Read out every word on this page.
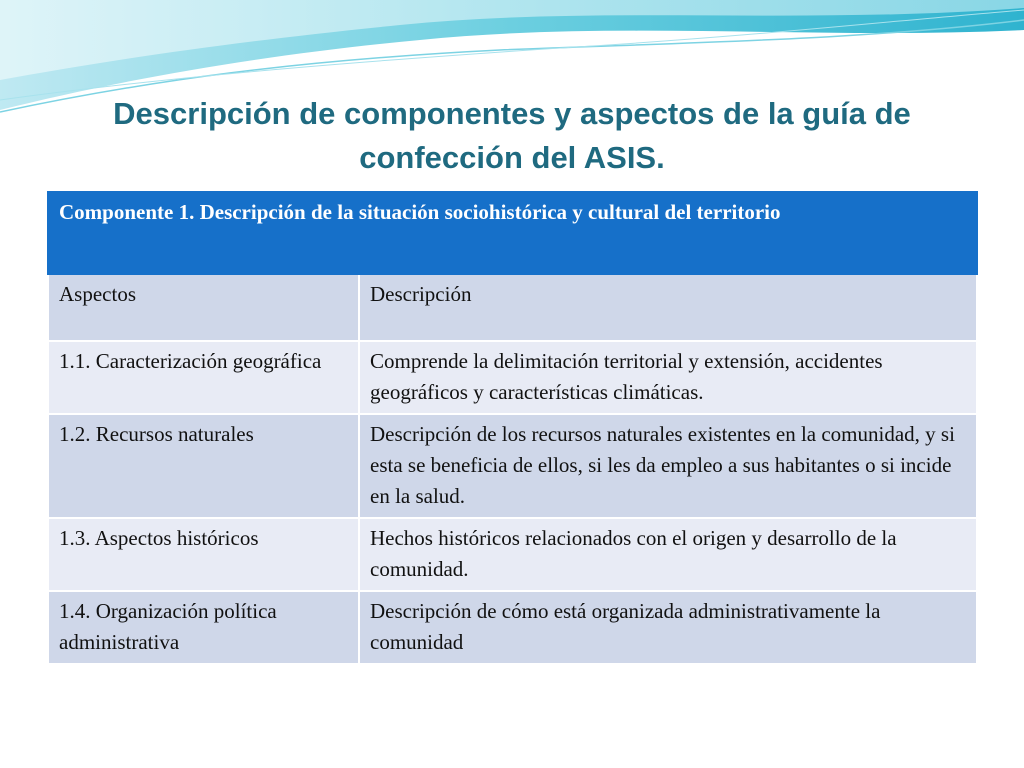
Descripción de componentes y aspectos de la guía de confección del ASIS.
Componente 1. Descripción de la situación sociohistórica y cultural del territorio	
Aspectos	Descripción
1.1. Caracterización geográfica	Comprende la delimitación territorial y extensión, accidentes geográficos y características climáticas.
1.2. Recursos naturales	Descripción de los recursos naturales existentes en la comunidad, y si esta se beneficia de ellos, si les da empleo a sus habitantes o si incide en la salud.
1.3. Aspectos históricos	Hechos históricos relacionados con el origen y desarrollo de la comunidad.
1.4. Organización política administrativa	Descripción de cómo está organizada administrativamente la comunidad
